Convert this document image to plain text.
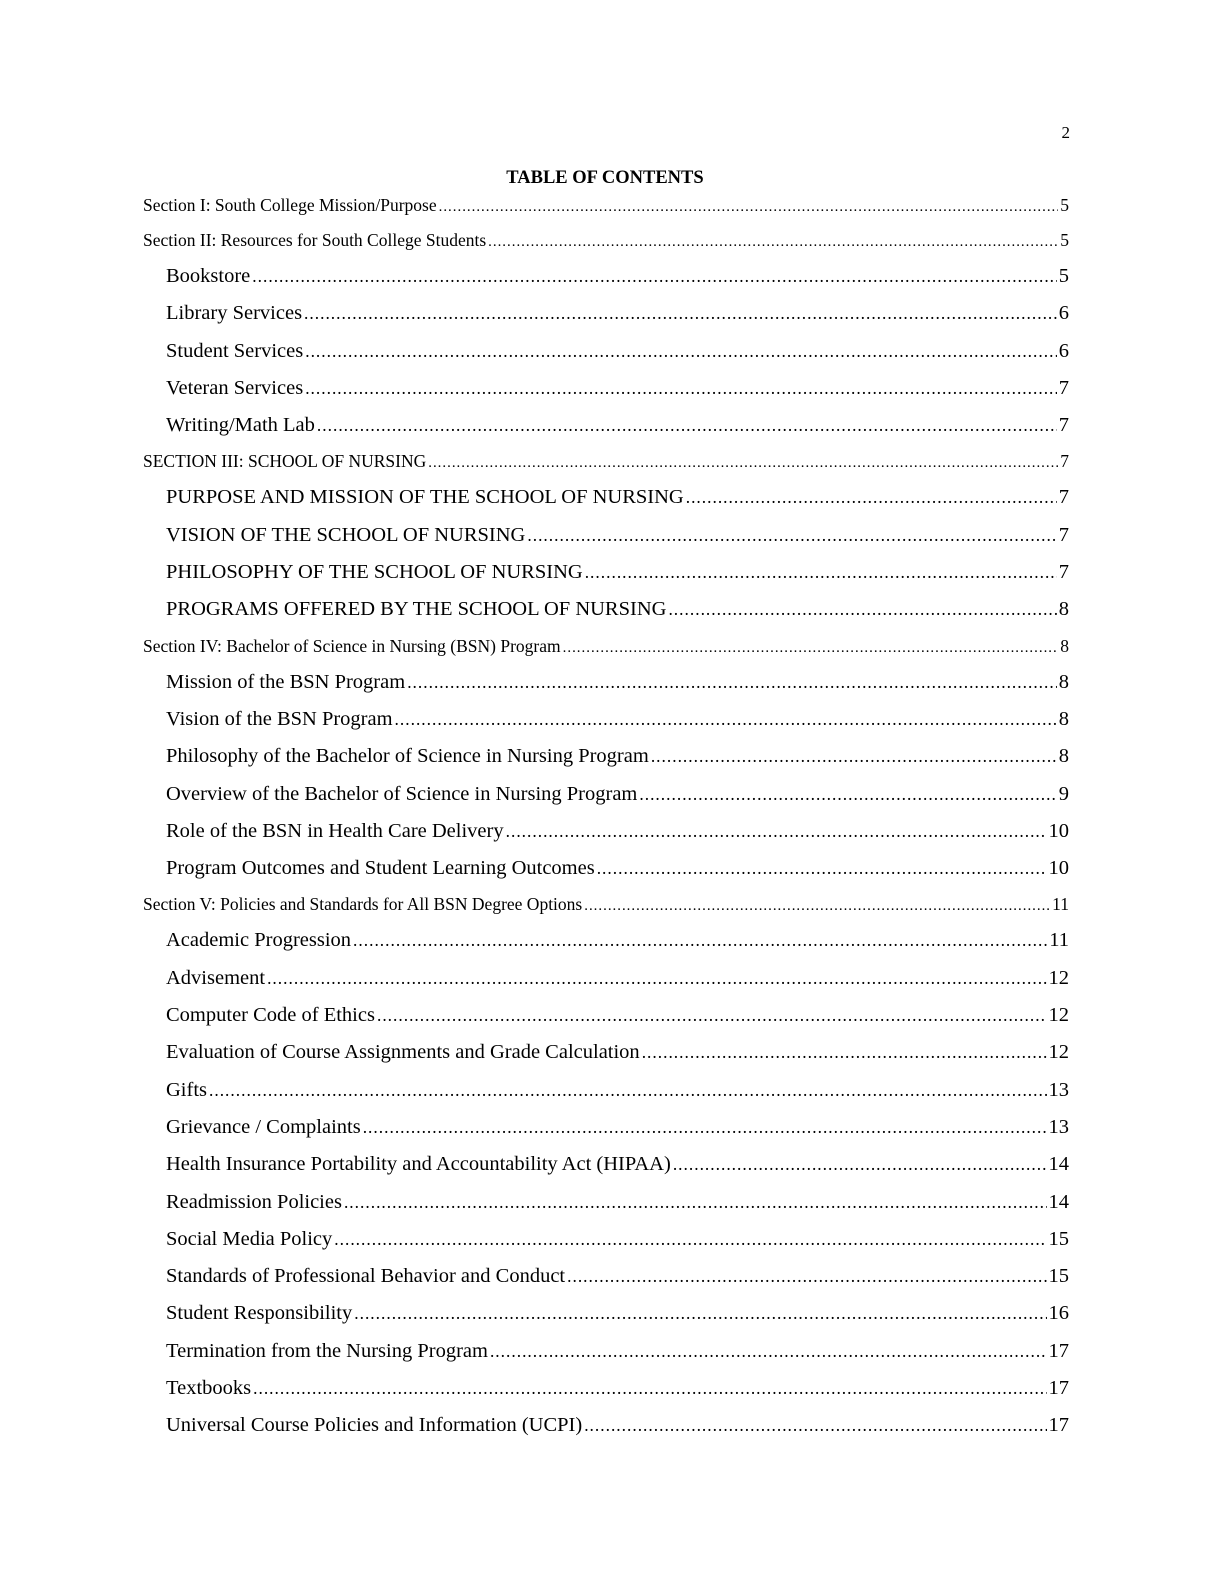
2
TABLE OF CONTENTS
Section I: South College Mission/Purpose .....	5
Section II: Resources for South College Students .....	5
Bookstore .....	5
Library Services .....	6
Student Services .....	6
Veteran Services .....	7
Writing/Math Lab .....	7
SECTION III: SCHOOL OF NURSING .....	7
PURPOSE AND MISSION OF THE SCHOOL OF NURSING .....	7
VISION OF THE SCHOOL OF NURSING .....	7
PHILOSOPHY OF THE SCHOOL OF NURSING .....	7
PROGRAMS OFFERED BY THE SCHOOL OF NURSING .....	8
Section IV: Bachelor of Science in Nursing (BSN) Program .....	8
Mission of the BSN Program .....	8
Vision of the BSN Program .....	8
Philosophy of the Bachelor of Science in Nursing Program .....	8
Overview of the Bachelor of Science in Nursing Program .....	9
Role of the BSN in Health Care Delivery .....	10
Program Outcomes and Student Learning Outcomes .....	10
Section V: Policies and Standards for All BSN Degree Options .....	11
Academic Progression .....	11
Advisement .....	12
Computer Code of Ethics .....	12
Evaluation of Course Assignments and Grade Calculation .....	12
Gifts .....	13
Grievance / Complaints .....	13
Health Insurance Portability and Accountability Act (HIPAA) .....	14
Readmission Policies .....	14
Social Media Policy .....	15
Standards of Professional Behavior and Conduct .....	15
Student Responsibility .....	16
Termination from the Nursing Program .....	17
Textbooks .....	17
Universal Course Policies and Information (UCPI) .....	17
